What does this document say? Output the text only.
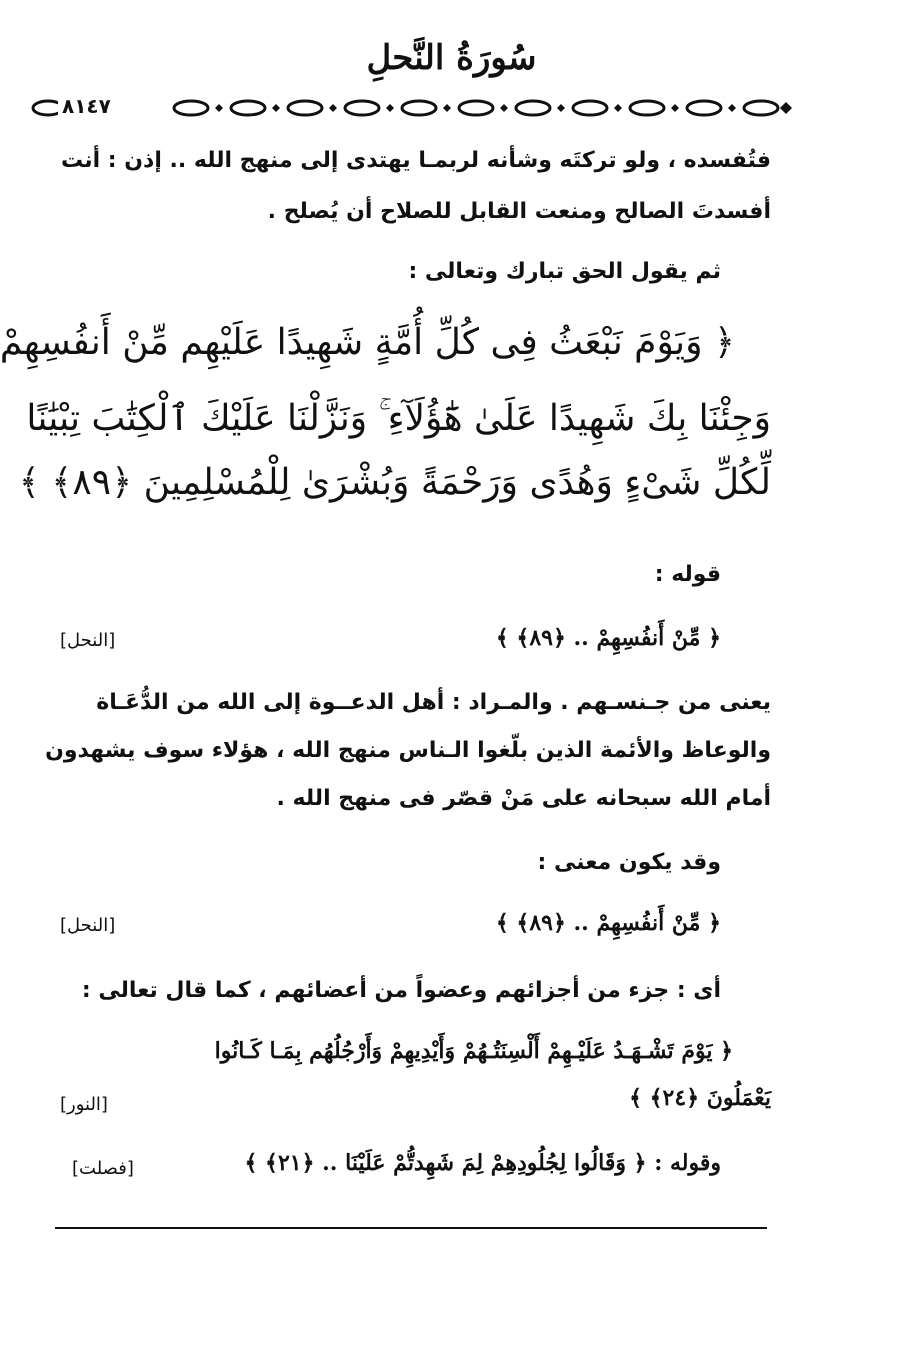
سُورَةُ النَّحلِ
٨١٤٧
فتُفسده ، ولو تركتَه وشأنه لربمـا يهتدى إلى منهج الله .. إذن : أنت
أفسدتَ الصالح ومنعت القابل للصلاح أن يُصلح .
ثم يقول الحق تبارك وتعالى :
﴿ وَيَوْمَ نَبْعَثُ فِى كُلِّ أُمَّةٍ شَهِيدًا عَلَيْهِم مِّنْ أَنفُسِهِمْ
وَجِئْنَا بِكَ شَهِيدًا عَلَىٰ هَٰٓؤُلَآءِ ۚ وَنَزَّلْنَا عَلَيْكَ ٱلْكِتَٰبَ تِبْيَٰنًا
لِّكُلِّ شَىْءٍ وَهُدًى وَرَحْمَةً وَبُشْرَىٰ لِلْمُسْلِمِينَ ﴿٨٩﴾ ﴾
قوله :
﴿ مِّنْ أَنفُسِهِمْ .. ﴿٨٩﴾ ﴾
[النحل]
يعنى من جـنسـهم . والمـراد : أهل الدعــوة إلى الله من الدُّعَـاة
والوعاظ والأئمة الذين بلّغوا الـناس منهج الله ، هؤلاء سوف يشهدون
أمام الله سبحانه على مَنْ قصّر فى منهج الله .
وقد يكون معنى :
﴿ مِّنْ أَنفُسِهِمْ .. ﴿٨٩﴾ ﴾
[النحل]
أى : جزء من أجزائهم وعضواً من أعضائهم ، كما قال تعالى :
﴿ يَوْمَ تَشْـهَـدُ عَلَيْـهِمْ أَلْسِنَتُـهُمْ وَأَيْدِيهِمْ وَأَرْجُلُهُم بِمَـا كَـانُوا
يَعْمَلُونَ ﴿٢٤﴾ ﴾
[النور]
وقوله : ﴿ وَقَالُوا لِجُلُودِهِمْ لِمَ شَهِدتُّمْ عَلَيْنَا .. ﴿٢١﴾ ﴾
[فصلت]
